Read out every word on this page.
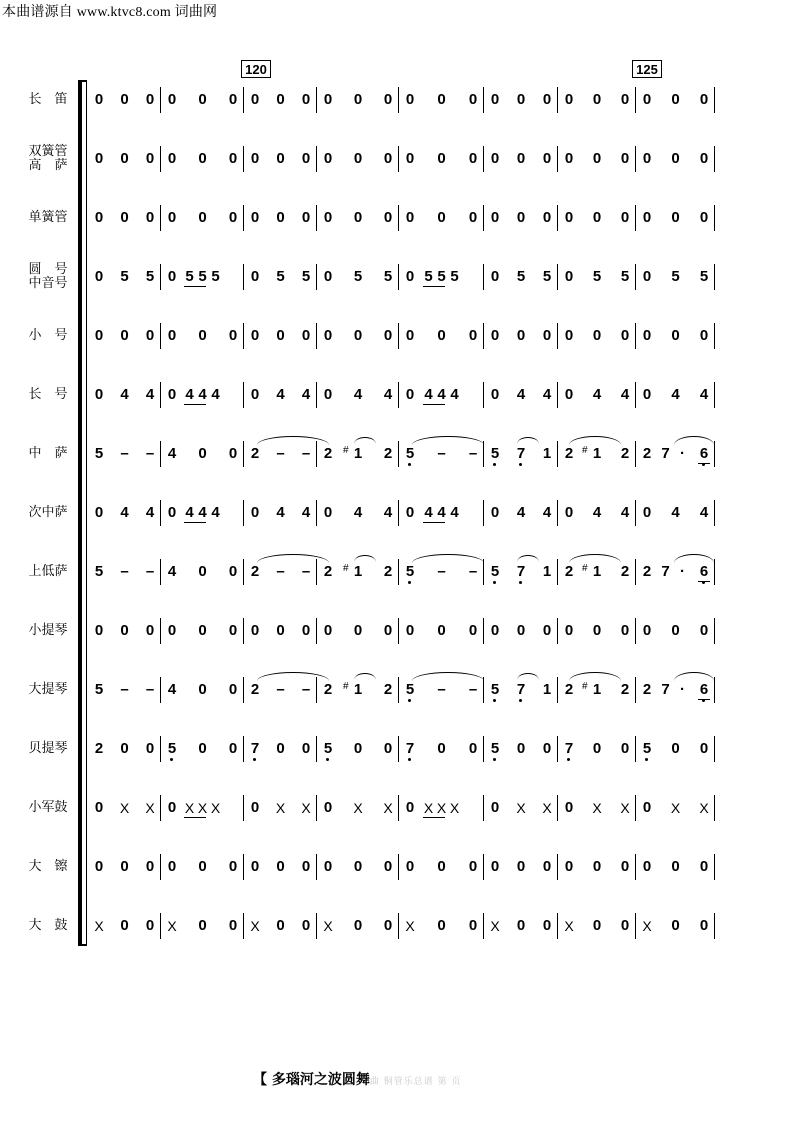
本曲谱源自 www.ktvc8.com 词曲网
120	125
长　笛
双簧管
高　萨
单簧管
圆　号
中音号
小　号
长　号
中　萨
次中萨
上低萨
小提琴
大提琴
贝提琴
小军鼓
大　镲
大　鼓
0 0 0 0 0 0 0 0 0 0 0 0 0 0 0 0 0 0 0 0 0 0 0 0
0 0 0 0 0 0 0 0 0 0 0 0 0 0 0 0 0 0 0 0 0 0 0 0
0 0 0 0 0 0 0 0 0 0 0 0 0 0 0 0 0 0 0 0 0 0 0 0
0 5 5 0 5 5 5 0 5 5 0 5 5 0 5 5 5 0 5 5 0 5 5 0 5 5
0 0 0 0 0 0 0 0 0 0 0 0 0 0 0 0 0 0 0 0 0 0 0 0
0 4 4 0 4 4 4 0 4 4 0 4 4 0 4 4 4 0 4 4 0 4 4 0 4 4
5 – – 4 0 0 2 – – 2 1
# 2 5 – – 5 7 1 2 1
# 2 2 7 6
·
0 4 4 0 4 4 4 0 4 4 0 4 4 0 4 4 4 0 4 4 0 4 4 0 4 4
5 – – 4 0 0 2 – – 2 1
# 2 5 – – 5 7 1 2 1
# 2 2 7 6
·
0 0 0 0 0 0 0 0 0 0 0 0 0 0 0 0 0 0 0 0 0 0 0 0
5 – – 4 0 0 2 – – 2 1
# 2 5 – – 5 7 1 2 1
# 2 2 7 6
·
2 0 0 5 0 0 7 0 0 5 0 0 7 0 0 5 0 0 7 0 0 5 0 0
0 X X 0 X X X 0 X X 0 X X 0 X X X 0 X X 0 X X 0 X X
0 0 0 0 0 0 0 0 0 0 0 0 0 0 0 0 0 0 0 0 0 0 0 0
X 0 0 X 0 0 X 0 0 X 0 0 X 0 0 X 0 0 X 0 0 X 0 0
【 多瑙河之波圆舞曲 铜管乐总谱 第 页
